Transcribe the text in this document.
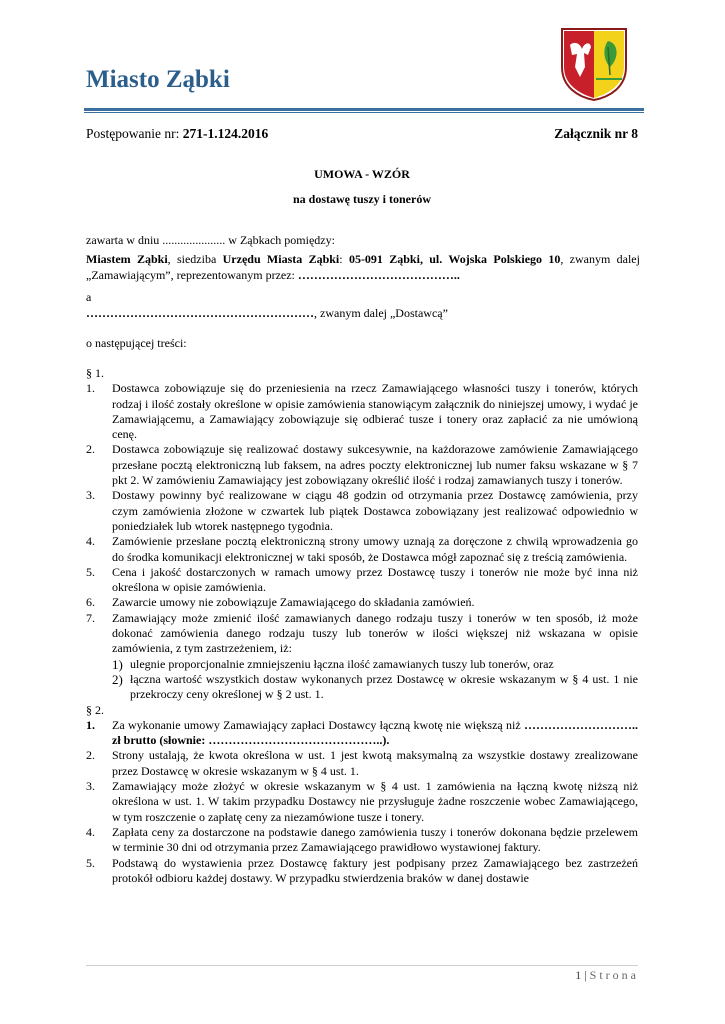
Miasto Ząbki
Postępowanie nr: 271-1.124.2016	Załącznik nr 8
UMOWA - WZÓR
na dostawę tuszy i tonerów
zawarta w dniu ..................... w Ząbkach pomiędzy:
Miastem Ząbki, siedziba Urzędu Miasta Ząbki: 05-091 Ząbki, ul. Wojska Polskiego 10, zwanym dalej „Zamawiającym”, reprezentowanym przez: …………………………………..
a
…………………………………………………, zwanym dalej „Dostawcą”
o następującej treści:
§ 1.
1. Dostawca zobowiązuje się do przeniesienia na rzecz Zamawiającego własności tuszy i tonerów, których rodzaj i ilość zostały określone w opisie zamówienia stanowiącym załącznik do niniejszej umowy, i wydać je Zamawiającemu, a Zamawiający zobowiązuje się odbierać tusze i tonery oraz zapłacić za nie umówioną cenę.
2. Dostawca zobowiązuje się realizować dostawy sukcesywnie, na każdorazowe zamówienie Zamawiającego przesłane pocztą elektroniczną lub faksem, na adres poczty elektronicznej lub numer faksu wskazane w § 7 pkt 2. W zamówieniu Zamawiający jest zobowiązany określić ilość i rodzaj zamawianych tuszy i tonerów.
3. Dostawy powinny być realizowane w ciągu 48 godzin od otrzymania przez Dostawcę zamówienia, przy czym zamówienia złożone w czwartek lub piątek Dostawca zobowiązany jest realizować odpowiednio w poniedziałek lub wtorek następnego tygodnia.
4. Zamówienie przesłane pocztą elektroniczną strony umowy uznają za doręczone z chwilą wprowadzenia go do środka komunikacji elektronicznej w taki sposób, że Dostawca mógł zapoznać się z treścią zamówienia.
5. Cena i jakość dostarczonych w ramach umowy przez Dostawcę tuszy i tonerów nie może być inna niż określona w opisie zamówienia.
6. Zawarcie umowy nie zobowiązuje Zamawiającego do składania zamówień.
7. Zamawiający może zmienić ilość zamawianych danego rodzaju tuszy i tonerów w ten sposób, iż może dokonać zamówienia danego rodzaju tuszy lub tonerów w ilości większej niż wskazana w opisie zamówienia, z tym zastrzeżeniem, iż:
1) ulegnie proporcjonalnie zmniejszeniu łączna ilość zamawianych tuszy lub tonerów, oraz
2) łączna wartość wszystkich dostaw wykonanych przez Dostawcę w okresie wskazanym w § 4 ust. 1 nie przekroczy ceny określonej w § 2 ust. 1.
§ 2.
1. Za wykonanie umowy Zamawiający zapłaci Dostawcy łączną kwotę nie większą niż ……………………….. zł brutto (słownie: ……………………………………..).
2. Strony ustalają, że kwota określona w ust. 1 jest kwotą maksymalną za wszystkie dostawy zrealizowane przez Dostawcę w okresie wskazanym w § 4 ust. 1.
3. Zamawiający może złożyć w okresie wskazanym w § 4 ust. 1 zamówienia na łączną kwotę niższą niż określona w ust. 1. W takim przypadku Dostawcy nie przysługuje żadne roszczenie wobec Zamawiającego, w tym roszczenie o zapłatę ceny za niezamówione tusze i tonery.
4. Zapłata ceny za dostarczone na podstawie danego zamówienia tuszy i tonerów dokonana będzie przelewem w terminie 30 dni od otrzymania przez Zamawiającego prawidłowo wystawionej faktury.
5. Podstawą do wystawienia przez Dostawcę faktury jest podpisany przez Zamawiającego bez zastrzeżeń protokół odbioru każdej dostawy. W przypadku stwierdzenia braków w danej dostawie
1 | Strona
